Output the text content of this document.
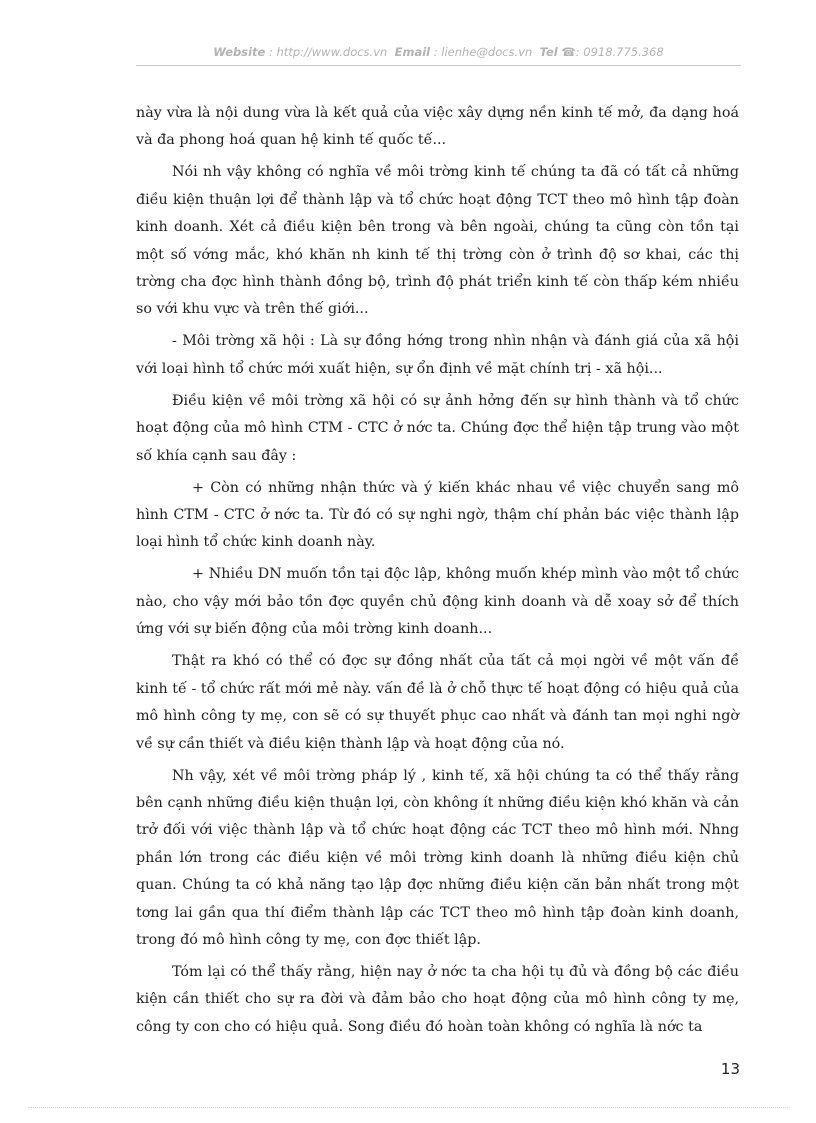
Website : http://www.docs.vn Email : lienhe@docs.vn Tel ☎: 0918.775.368

này vừa là nội dung vừa là kết quả của việc xây dựng nền kinh tế mở, đa dạng hoá và đa phong hoá quan hệ kinh tế quốc tế...

Nói nh vậy không có nghĩa về môi trờng kinh tế chúng ta đã có tất cả những điều kiện thuận lợi để thành lập và tổ chức hoạt động TCT theo mô hình tập đoàn kinh doanh. Xét cả điều kiện bên trong và bên ngoài, chúng ta cũng còn tồn tại một số vớng mắc, khó khăn nh kinh tế thị trờng còn ở trình độ sơ khai, các thị trờng cha đợc hình thành đồng bộ, trình độ phát triển kinh tế còn thấp kém nhiều so với khu vực và trên thế giới...

- Môi trờng xã hội : Là sự đồng hớng trong nhìn nhận và đánh giá của xã hội với loại hình tổ chức mới xuất hiện, sự ổn định về mặt chính trị - xã hội...

Điều kiện về môi trờng xã hội có sự ảnh hởng đến sự hình thành và tổ chức hoạt động của mô hình CTM - CTC ở nớc ta. Chúng đợc thể hiện tập trung vào một số khía cạnh sau đây :

+ Còn có những nhận thức và ý kiến khác nhau về việc chuyển sang mô hình CTM - CTC ở nớc ta. Từ đó có sự nghi ngờ, thậm chí phản bác việc thành lập loại hình tổ chức kinh doanh này.

+ Nhiều DN muốn tồn tại độc lập, không muốn khép mình vào một tổ chức nào, cho vậy mới bảo tồn đợc quyền chủ động kinh doanh và dễ xoay sở để thích ứng với sự biến động của môi trờng kinh doanh...

Thật ra khó có thể có đợc sự đồng nhất của tất cả mọi ngời về một vấn đề kinh tế - tổ chức rất mới mẻ này. vấn đề là ở chỗ thực tế hoạt động có hiệu quả của mô hình công ty mẹ, con sẽ có sự thuyết phục cao nhất và đánh tan mọi nghi ngờ về sự cần thiết và điều kiện thành lập và hoạt động của nó.

Nh vậy, xét về môi trờng pháp lý , kinh tế, xã hội chúng ta có thể thấy rằng bên cạnh những điều kiện thuận lợi, còn không ít những điều kiện khó khăn và cản trở đối với việc thành lập và tổ chức hoạt động các TCT theo mô hình mới. Nhng phần lớn trong các điều kiện về môi trờng kinh doanh là những điều kiện chủ quan. Chúng ta có khả năng tạo lập đợc những điều kiện căn bản nhất trong một tơng lai gần qua thí điểm thành lập các TCT theo mô hình tập đoàn kinh doanh, trong đó mô hình công ty mẹ, con đợc thiết lập.

Tóm lại có thể thấy rằng, hiện nay ở nớc ta cha hội tụ đủ và đồng bộ các điều kiện cần thiết cho sự ra đời và đảm bảo cho hoạt động của mô hình công ty mẹ, công ty con cho có hiệu quả. Song điều đó hoàn toàn không có nghĩa là nớc ta

13
